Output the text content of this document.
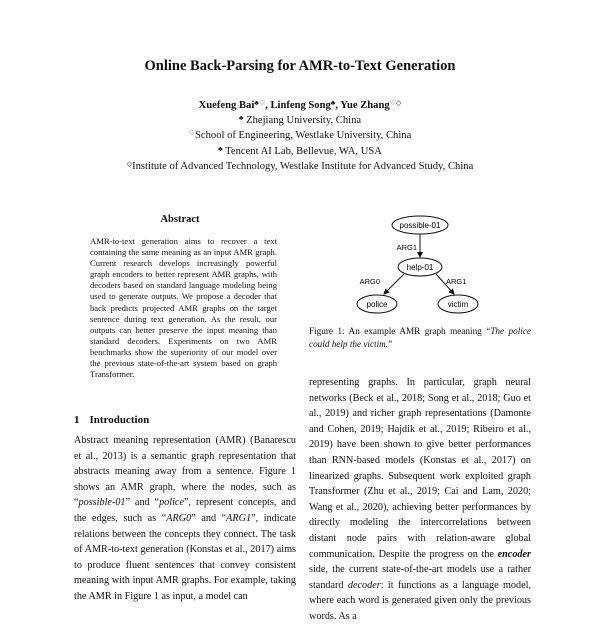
Online Back-Parsing for AMR-to-Text Generation
Xuefeng Bai♣♡, Linfeng Song♣, Yue Zhang♡◇
♣ Zhejiang University, China
♡School of Engineering, Westlake University, China
♣ Tencent AI Lab, Bellevue, WA, USA
◇Institute of Advanced Technology, Westlake Institute for Advanced Study, China
Abstract
AMR-to-text generation aims to recover a text containing the same meaning as an input AMR graph. Current research develops increasingly powerful graph encoders to better represent AMR graphs, with decoders based on standard language modeling being used to generate outputs. We propose a decoder that back predicts projected AMR graphs on the target sentence during text generation. As the result, our outputs can better preserve the input meaning than standard decoders. Experiments on two AMR benchmarks show the superiority of our model over the previous state-of-the-art system based on graph Transformer.
1 Introduction
Abstract meaning representation (AMR) (Banarescu et al., 2013) is a semantic graph representation that abstracts meaning away from a sentence. Figure 1 shows an AMR graph, where the nodes, such as “possible-01” and “police”, represent concepts, and the edges, such as “ARG0” and “ARG1”, indicate relations between the concepts they connect. The task of AMR-to-text generation (Konstas et al., 2017) aims to produce fluent sentences that convey consistent meaning with input AMR graphs. For example, taking the AMR in Figure 1 as input, a model can
possible-01
help-01
police	victim
ARG1
ARG0	ARG1
Figure 1: An example AMR graph meaning “The police could help the victim.”
representing graphs. In particular, graph neural networks (Beck et al., 2018; Song et al., 2018; Guo et al., 2019) and richer graph representations (Damonte and Cohen, 2019; Hajdik et al., 2019; Ribeiro et al., 2019) have been shown to give better performances than RNN-based models (Konstas et al., 2017) on linearized graphs. Subsequent work exploited graph Transformer (Zhu et al., 2019; Cai and Lam, 2020; Wang et al., 2020), achieving better performances by directly modeling the intercorrelations between distant node pairs with relation-aware global communication. Despite the progress on the encoder side, the current state-of-the-art models use a rather standard decoder: it functions as a language model, where each word is generated given only the previous words. As a
